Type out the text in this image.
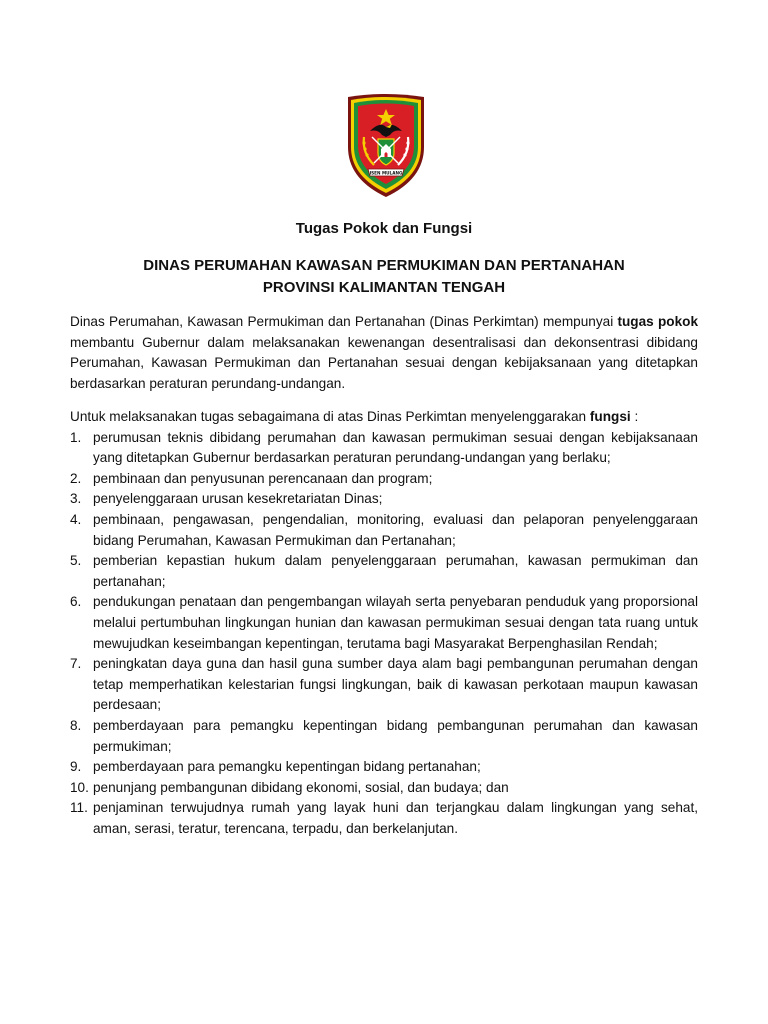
ISEN MULANG
Tugas Pokok dan Fungsi
DINAS PERUMAHAN KAWASAN PERMUKIMAN DAN PERTANAHAN
PROVINSI KALIMANTAN TENGAH

Dinas Perumahan, Kawasan Permukiman dan Pertanahan (Dinas Perkimtan) mempunyai tugas pokok membantu Gubernur dalam melaksanakan kewenangan desentralisasi dan dekonsentrasi dibidang Perumahan, Kawasan Permukiman dan Pertanahan sesuai dengan kebijaksanaan yang ditetapkan berdasarkan peraturan perundang-undangan.

Untuk melaksanakan tugas sebagaimana di atas Dinas Perkimtan menyelenggarakan fungsi :

1. perumusan teknis dibidang perumahan dan kawasan permukiman sesuai dengan kebijaksanaan yang ditetapkan Gubernur berdasarkan peraturan perundang-undangan yang berlaku;
2. pembinaan dan penyusunan perencanaan dan program;
3. penyelenggaraan urusan kesekretariatan Dinas;
4. pembinaan, pengawasan, pengendalian, monitoring, evaluasi dan pelaporan penyelenggaraan bidang Perumahan, Kawasan Permukiman dan Pertanahan;
5. pemberian kepastian hukum dalam penyelenggaraan perumahan, kawasan permukiman dan pertanahan;
6. pendukungan penataan dan pengembangan wilayah serta penyebaran penduduk yang proporsional melalui pertumbuhan lingkungan hunian dan kawasan permukiman sesuai dengan tata ruang untuk mewujudkan keseimbangan kepentingan, terutama bagi Masyarakat Berpenghasilan Rendah;
7. peningkatan daya guna dan hasil guna sumber daya alam bagi pembangunan perumahan dengan tetap memperhatikan kelestarian fungsi lingkungan, baik di kawasan perkotaan maupun kawasan perdesaan;
8. pemberdayaan para pemangku kepentingan bidang pembangunan perumahan dan kawasan permukiman;
9. pemberdayaan para pemangku kepentingan bidang pertanahan;
10. penunjang pembangunan dibidang ekonomi, sosial, dan budaya; dan
11. penjaminan terwujudnya rumah yang layak huni dan terjangkau dalam lingkungan yang sehat, aman, serasi, teratur, terencana, terpadu, dan berkelanjutan.
